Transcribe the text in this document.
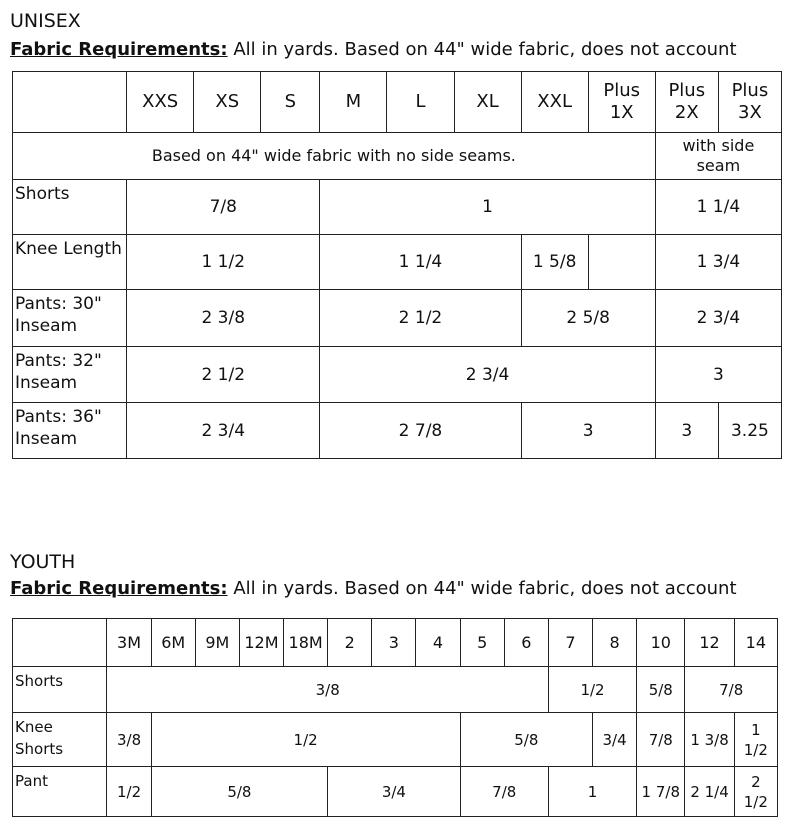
UNISEX
Fabric Requirements: All in yards. Based on 44" wide fabric, does not account
	XXS	XS	S	M	L	XL	XXL	Plus 1X	Plus 2X	Plus 3X
Based on 44" wide fabric with no side seams.									with side seam	
Shorts	7/8			1					1 1/4	
Knee Length	1 1/2			1 1/4			1 5/8		1 3/4	
Pants: 30" Inseam	2 3/8			2 1/2			2 5/8		2 3/4	
Pants: 32" Inseam	2 1/2			2 3/4					3	
Pants: 36" Inseam	2 3/4			2 7/8			3		3	3.25
YOUTH
Fabric Requirements: All in yards. Based on 44" wide fabric, does not account
	3M	6M	9M	12M	18M	2	3	4	5	6	7	8	10	12	14
Shorts	3/8										1/2		5/8	7/8	
Knee Shorts	3/8	1/2							5/8			3/4	7/8	1 3/8	1 1/2
Pant	1/2	5/8				3/4			7/8		1		1 7/8	2 1/4	2 1/2
